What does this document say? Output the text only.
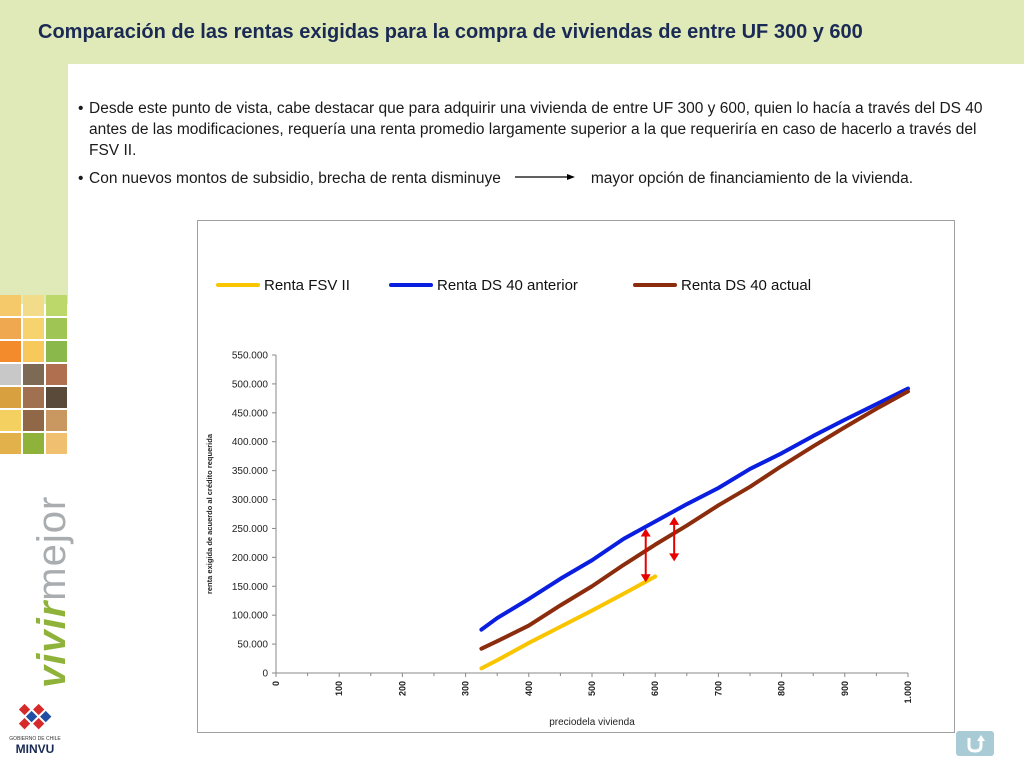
Comparación de las rentas exigidas para la compra de viviendas de entre UF 300 y 600
• Desde este punto de vista, cabe destacar que para adquirir una vivienda de entre UF 300 y 600, quien lo hacía a través del DS 40 antes de las modificaciones, requería una renta promedio largamente superior a la que requeriría en caso de hacerlo a través del FSV II.
• Con nuevos montos de subsidio, brecha de renta disminuye	mayor opción de financiamiento de la vivienda.
vivirmejor
GOBIERNO DE CHILE
MINVU
0
50.000
100.000
150.000
200.000
250.000
300.000
350.000
400.000
450.000
500.000
550.000
0	100	200	300	400	500	600	700	800	900	1.000
preciodela vivienda
renta exigida de acuerdo al crédito requerida
Renta FSV II	Renta DS 40 anterior	Renta DS 40 actual
